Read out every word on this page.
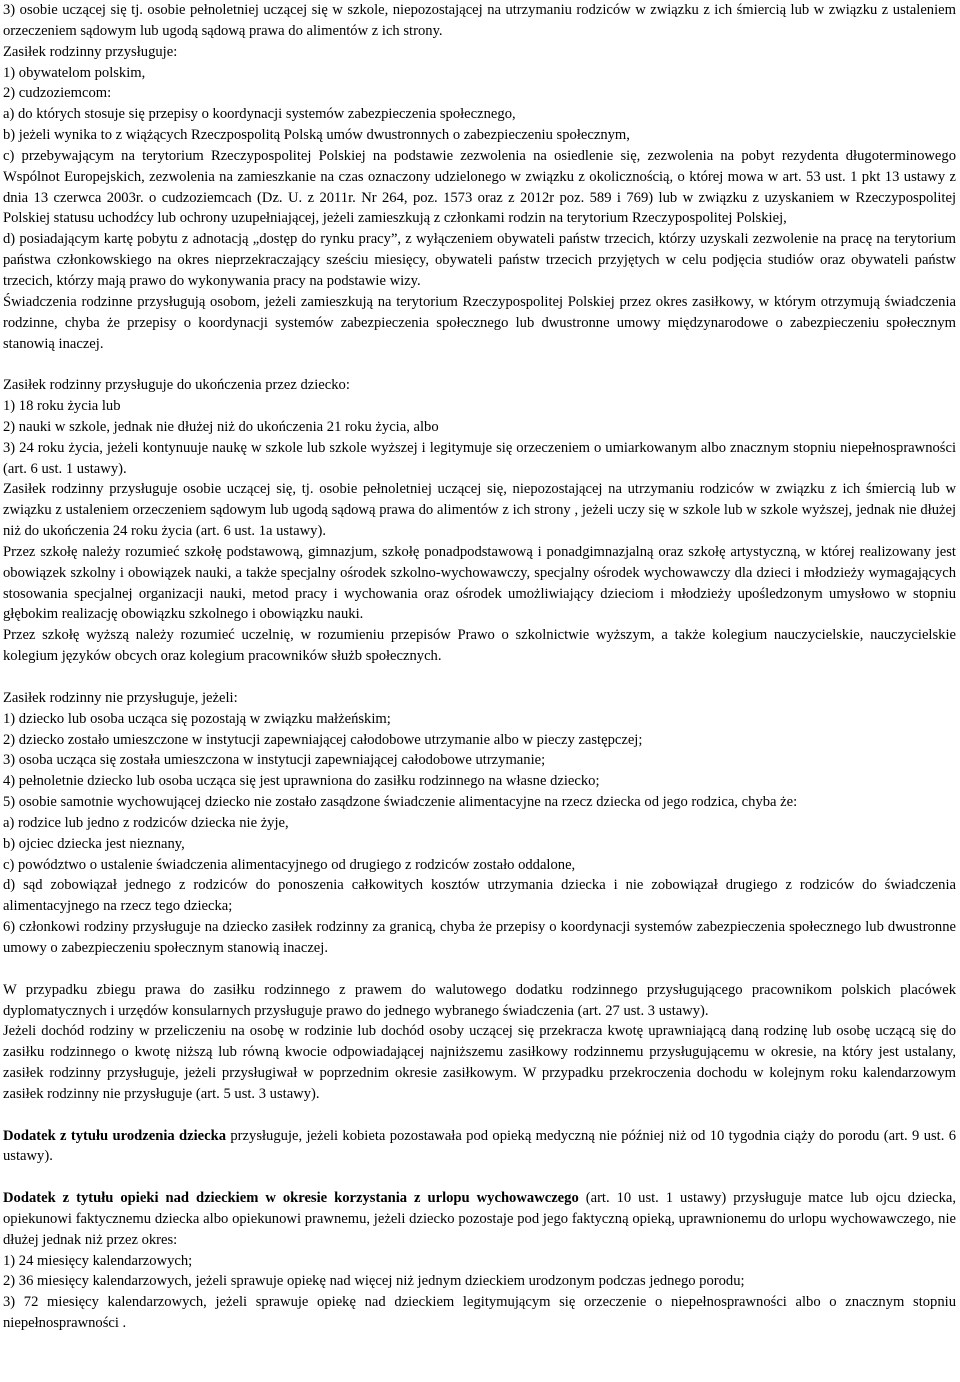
3) osobie uczącej się tj. osobie pełnoletniej uczącej się w szkole, niepozostającej na utrzymaniu rodziców w związku z ich śmiercią lub w związku z ustaleniem orzeczeniem sądowym lub ugodą sądową prawa do alimentów z ich strony.

Zasiłek rodzinny przysługuje:

1) obywatelom polskim,

2) cudzoziemcom:

a) do których stosuje się przepisy o koordynacji systemów zabezpieczenia społecznego,

b) jeżeli wynika to z wiążących Rzeczpospolitą Polską umów dwustronnych o zabezpieczeniu społecznym,

c) przebywającym na terytorium Rzeczypospolitej Polskiej na podstawie zezwolenia na osiedlenie się, zezwolenia na pobyt rezydenta długoterminowego Wspólnot Europejskich, zezwolenia na zamieszkanie na czas oznaczony udzielonego w związku z okolicznością, o której mowa w art. 53 ust. 1 pkt 13 ustawy z dnia 13 czerwca 2003r. o cudzoziemcach (Dz. U. z 2011r. Nr 264, poz. 1573 oraz z 2012r poz. 589 i 769) lub w związku z uzyskaniem w Rzeczypospolitej Polskiej statusu uchodźcy lub ochrony uzupełniającej, jeżeli zamieszkują z członkami rodzin na terytorium Rzeczypospolitej Polskiej,

d) posiadającym kartę pobytu z adnotacją „dostęp do rynku pracy”, z wyłączeniem obywateli państw trzecich, którzy uzyskali zezwolenie na pracę na terytorium państwa członkowskiego na okres nieprzekraczający sześciu miesięcy, obywateli państw trzecich przyjętych w celu podjęcia studiów oraz obywateli państw trzecich, którzy mają prawo do wykonywania pracy na podstawie wizy.

Świadczenia rodzinne przysługują osobom, jeżeli zamieszkują na terytorium Rzeczypospolitej Polskiej przez okres zasiłkowy, w którym otrzymują świadczenia rodzinne, chyba że przepisy o koordynacji systemów zabezpieczenia społecznego lub dwustronne umowy międzynarodowe o zabezpieczeniu społecznym stanowią inaczej.

Zasiłek rodzinny przysługuje do ukończenia przez dziecko:

1) 18 roku życia lub

2) nauki w szkole, jednak nie dłużej niż do ukończenia 21 roku życia, albo

3) 24 roku życia, jeżeli kontynuuje naukę w szkole lub szkole wyższej i legitymuje się orzeczeniem o umiarkowanym albo znacznym stopniu niepełnosprawności (art. 6 ust. 1 ustawy).

Zasiłek rodzinny przysługuje osobie uczącej się, tj. osobie pełnoletniej uczącej się, niepozostającej na utrzymaniu rodziców w związku z ich śmiercią lub w związku z ustaleniem orzeczeniem sądowym lub ugodą sądową prawa do alimentów z ich strony , jeżeli uczy się w szkole lub w szkole wyższej, jednak nie dłużej niż do ukończenia 24 roku życia (art. 6 ust. 1a ustawy).

Przez szkołę należy rozumieć szkołę podstawową, gimnazjum, szkołę ponadpodstawową i ponadgimnazjalną oraz szkołę artystyczną, w której realizowany jest obowiązek szkolny i obowiązek nauki, a także specjalny ośrodek szkolno-wychowawczy, specjalny ośrodek wychowawczy dla dzieci i młodzieży wymagających stosowania specjalnej organizacji nauki, metod pracy i wychowania oraz ośrodek umożliwiający dzieciom i młodzieży upośledzonym umysłowo w stopniu głębokim realizację obowiązku szkolnego i obowiązku nauki.

Przez szkołę wyższą należy rozumieć uczelnię, w rozumieniu przepisów Prawo o szkolnictwie wyższym, a także kolegium nauczycielskie, nauczycielskie kolegium języków obcych oraz kolegium pracowników służb społecznych.

Zasiłek rodzinny nie przysługuje, jeżeli:

1) dziecko lub osoba ucząca się pozostają w związku małżeńskim;

2) dziecko zostało umieszczone w instytucji zapewniającej całodobowe utrzymanie albo w pieczy zastępczej;

3) osoba ucząca się została umieszczona w instytucji zapewniającej całodobowe utrzymanie;

4) pełnoletnie dziecko lub osoba ucząca się jest uprawniona do zasiłku rodzinnego na własne dziecko;

5) osobie samotnie wychowującej dziecko nie zostało zasądzone świadczenie alimentacyjne na rzecz dziecka od jego rodzica, chyba że:

a) rodzice lub jedno z rodziców dziecka nie żyje,

b) ojciec dziecka jest nieznany,

c) powództwo o ustalenie świadczenia alimentacyjnego od drugiego z rodziców zostało oddalone,

d) sąd zobowiązał jednego z rodziców do ponoszenia całkowitych kosztów utrzymania dziecka i nie zobowiązał drugiego z rodziców do świadczenia alimentacyjnego na rzecz tego dziecka;

6) członkowi rodziny przysługuje na dziecko zasiłek rodzinny za granicą, chyba że przepisy o koordynacji systemów zabezpieczenia społecznego lub dwustronne umowy o zabezpieczeniu społecznym stanowią inaczej.

W przypadku zbiegu prawa do zasiłku rodzinnego z prawem do walutowego dodatku rodzinnego przysługującego pracownikom polskich placówek dyplomatycznych i urzędów konsularnych przysługuje prawo do jednego wybranego świadczenia (art. 27 ust. 3 ustawy).

Jeżeli dochód rodziny w przeliczeniu na osobę w rodzinie lub dochód osoby uczącej się przekracza kwotę uprawniającą daną rodzinę lub osobę uczącą się do zasiłku rodzinnego o kwotę niższą lub równą kwocie odpowiadającej najniższemu zasiłkowy rodzinnemu przysługującemu w okresie, na który jest ustalany, zasiłek rodzinny przysługuje, jeżeli przysługiwał w poprzednim okresie zasiłkowym. W przypadku przekroczenia dochodu w kolejnym roku kalendarzowym zasiłek rodzinny nie przysługuje (art. 5 ust. 3 ustawy).

Dodatek z tytułu urodzenia dziecka przysługuje, jeżeli kobieta pozostawała pod opieką medyczną nie później niż od 10 tygodnia ciąży do porodu (art. 9 ust. 6 ustawy).

Dodatek z tytułu opieki nad dzieckiem w okresie korzystania z urlopu wychowawczego (art. 10 ust. 1 ustawy) przysługuje matce lub ojcu dziecka, opiekunowi faktycznemu dziecka albo opiekunowi prawnemu, jeżeli dziecko pozostaje pod jego faktyczną opieką, uprawnionemu do urlopu wychowawczego, nie dłużej jednak niż przez okres:

1) 24 miesięcy kalendarzowych;

2) 36 miesięcy kalendarzowych, jeżeli sprawuje opiekę nad więcej niż jednym dzieckiem urodzonym podczas jednego porodu;

3) 72 miesięcy kalendarzowych, jeżeli sprawuje opiekę nad dzieckiem legitymującym się orzeczenie o niepełnosprawności albo o znacznym stopniu niepełnosprawności .
